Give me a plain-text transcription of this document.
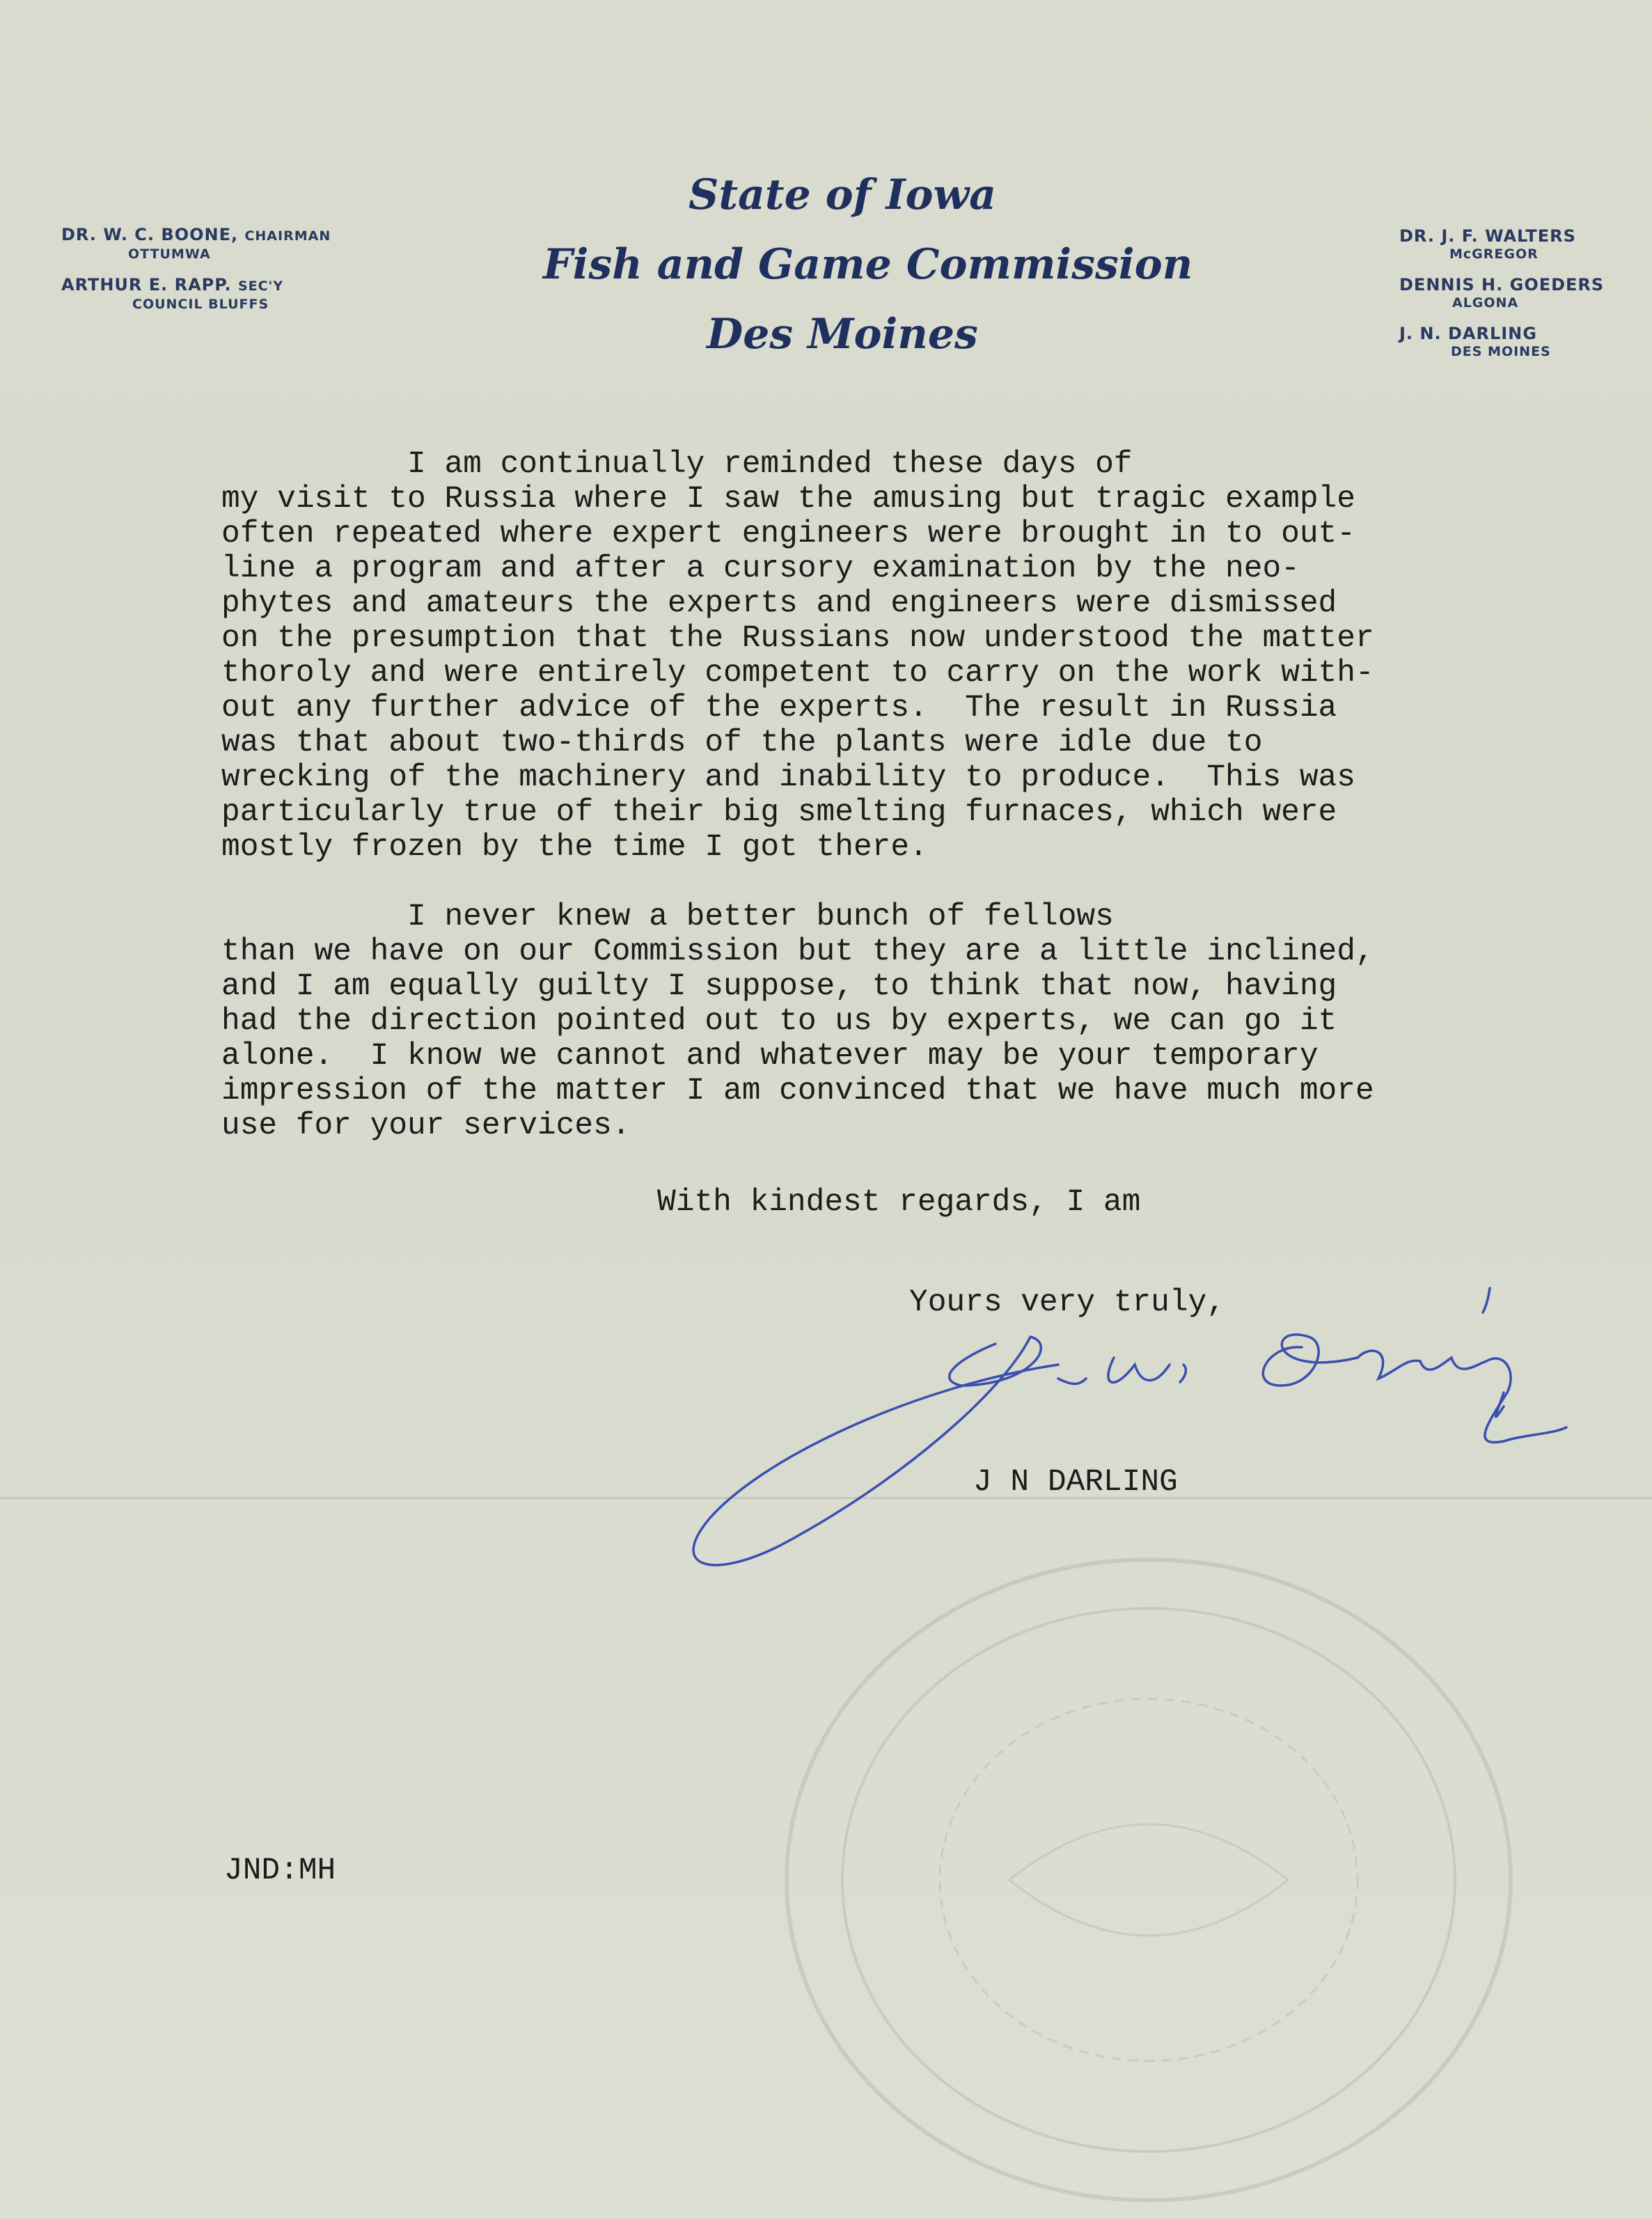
DR. W. C. BOONE, CHAIRMAN
OTTUMWA
ARTHUR E. RAPP. SEC'Y
COUNCIL BLUFFS
State of Iowa
Fish and Game Commission
Des Moines
DR. J. F. WALTERS
McGREGOR
DENNIS H. GOEDERS
ALGONA
J. N. DARLING
DES MOINES
I am continually reminded these days of
my visit to Russia where I saw the amusing but tragic example
often repeated where expert engineers were brought in to out-
line a program and after a cursory examination by the neo-
phytes and amateurs the experts and engineers were dismissed
on the presumption that the Russians now understood the matter
thoroly and were entirely competent to carry on the work with-
out any further advice of the experts.  The result in Russia
was that about two-thirds of the plants were idle due to
wrecking of the machinery and inability to produce.  This was
particularly true of their big smelting furnaces, which were
mostly frozen by the time I got there.
I never knew a better bunch of fellows
than we have on our Commission but they are a little inclined,
and I am equally guilty I suppose, to think that now, having
had the direction pointed out to us by experts, we can go it
alone.  I know we cannot and whatever may be your temporary
impression of the matter I am convinced that we have much more
use for your services.
With kindest regards, I am
Yours very truly,
J N DARLING
JND:MH
